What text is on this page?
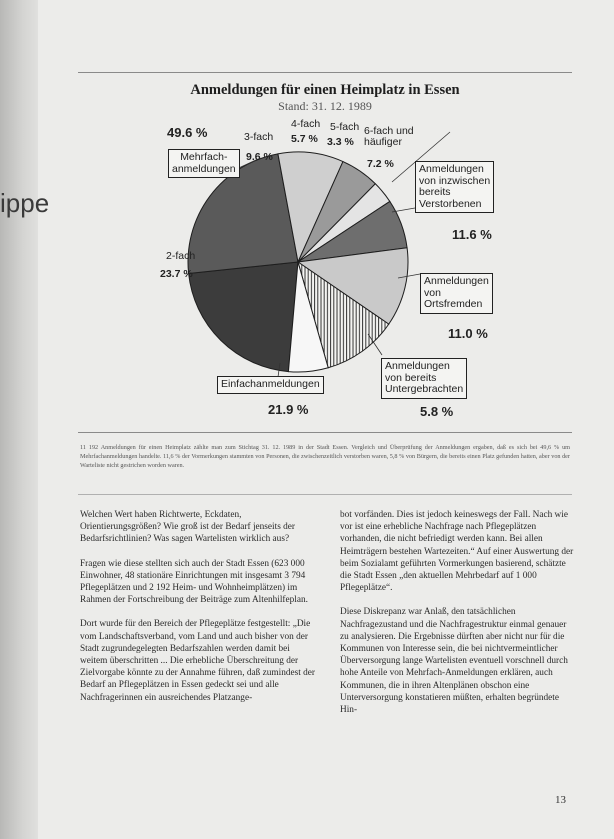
ippe
Anmeldungen für einen Heimplatz in Essen
Stand: 31. 12. 1989
49.6 %
Mehrfach-
anmeldungen
3-fach
9.6 %
4-fach
5.7 %
5-fach
3.3 %
6-fach und
häufiger
7.2 %
2-fach
23.7 %
Anmeldungen
von inzwischen
bereits
Verstorbenen
11.6 %
Anmeldungen
von
Ortsfremden
11.0 %
Anmeldungen
von bereits
Untergebrachten
5.8 %
Einfachanmeldungen
21.9 %
11 192 Anmeldungen für einen Heimplatz zählte man zum Stichtag 31. 12. 1989 in der Stadt Essen. Vergleich und Überprüfung der Anmeldungen ergaben, daß es sich bei 49,6 % um Mehrfachanmeldungen handelte. 11,6 % der Vormerkungen stammten von Personen, die zwischenzeitlich verstorben waren, 5,8 % von Bürgern, die bereits einen Platz gefunden hatten, aber von der Warteliste nicht gestrichen worden waren.

Welchen Wert haben Richtwerte, Eckdaten, Orientierungsgrößen? Wie groß ist der Bedarf jenseits der Bedarfsrichtlinien? Was sagen Wartelisten wirklich aus?

Fragen wie diese stellten sich auch der Stadt Essen (623 000 Einwohner, 48 stationäre Einrichtungen mit insgesamt 3 794 Pflegeplätzen und 2 192 Heim- und Wohnheimplätzen) im Rahmen der Fortschreibung der Beiträge zum Altenhilfeplan.

Dort wurde für den Bereich der Pflegeplätze festgestellt: „Die vom Landschaftsverband, vom Land und auch bisher von der Stadt zugrundegelegten Bedarfszahlen werden damit bei weitem überschritten ... Die erhebliche Überschreitung der Zielvorgabe könnte zu der Annahme führen, daß zumindest der Bedarf an Pflegeplätzen in Essen gedeckt sei und alle Nachfragerinnen ein ausreichendes Platzange-

bot vorfänden. Dies ist jedoch keineswegs der Fall. Nach wie vor ist eine erhebliche Nachfrage nach Pflegeplätzen vorhanden, die nicht befriedigt werden kann. Bei allen Heimträgern bestehen Wartezeiten.“ Auf einer Auswertung der beim Sozialamt geführten Vormerkungen basierend, schätzte die Stadt Essen „den aktuellen Mehrbedarf auf 1 000 Pflegeplätze“.

Diese Diskrepanz war Anlaß, den tatsächlichen Nachfragezustand und die Nachfragestruktur einmal genauer zu analysieren. Die Ergebnisse dürften aber nicht nur für die Kommunen von Interesse sein, die bei nichtvermeintlicher Überversorgung lange Wartelisten eventuell vorschnell durch hohe Anteile von Mehrfach-Anmeldungen erklären, auch Kommunen, die in ihren Altenplänen obschon eine Unterversorgung konstatieren müßten, erhalten begründete Hin-

13
